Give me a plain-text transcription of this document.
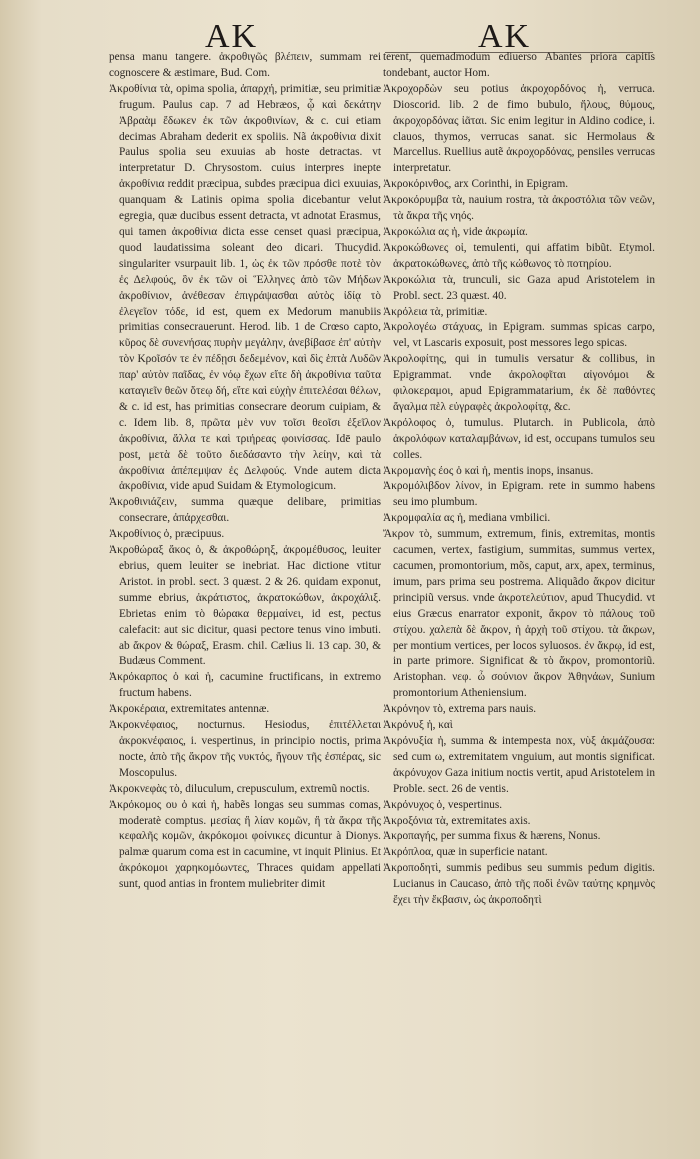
AK	AK

pensa manu tangere. ἀκροθιγῶς βλέπειν, summam rei cognoscere & æstimare, Bud. Com.

Ἀκροθίνια τὰ, opima spolia, ἀπαρχή, primitiæ, seu primitiæ frugum. Paulus cap. 7 ad Hebræos, ᾧ καὶ δεκάτην Ἀβραὰμ ἔδωκεν ἐκ τῶν ἀκροθινίων, & c. cui etiam decimas Abraham dederit ex spoliis. Nã ἀκροθίνια dixit Paulus spolia seu exuuias ab hoste detractas. vt interpretatur D. Chrysostom. cuius interpres inepte ἀκροθίνια reddit præcipua, subdes præcipua dici exuuias, quanquam & Latinis opima spolia dicebantur velut egregia, quæ ducibus essent detracta, vt adnotat Erasmus, qui tamen ἀκροθίνια dicta esse censet quasi præcipua, quod laudatissima soleant deo dicari. Thucydid. singulariter vsurpauit lib. 1, ὡς ἐκ τῶν πρόσθε ποτὲ τὸν ἐς Δελφούς, ὃν ἐκ τῶν οἱ Ἕλληνες ἀπὸ τῶν Μήδων ἀκροθίνιον, ἀνέθεσαν ἐπιγράψασθαι αὐτὸς ἰδίᾳ τὸ ἐλεγεῖον τόδε, id est, quem ex Medorum manubiis primitias consecrauerunt. Herod. lib. 1 de Crœso capto, κῦρος δὲ συνενήσας πυρὴν μεγάλην, ἀνεβίβασε ἐπ' αὐτὴν τὸν Κροῖσόν τε ἐν πέδῃσι δεδεμένον, καὶ δὶς ἑπτὰ Λυδῶν παρ' αὐτὸν παῖδας, ἐν νόῳ ἔχων εἴτε δὴ ἀκροθίνια ταῦτα καταγιεῖν θεῶν ὅτεῳ δή, εἴτε καὶ εὐχὴν ἐπιτελέσαι θέλων, & c. id est, has primitias consecrare deorum cuipiam, & c. Idem lib. 8, πρῶτα μὲν νυν τοῖσι θεοῖσι ἐξεῖλον ἀκροθίνια, ἄλλα τε καὶ τριήρεας φοινίσσας. Idē paulo post, μετὰ δὲ τοῦτο διεδάσαντο τὴν λείην, καὶ τὰ ἀκροθίνια ἀπέπεμψαν ἐς Δελφούς. Vnde autem dicta ἀκροθίνια, vide apud Suidam & Etymologicum.

Ἀκροθινιάζειν, summa quæque delibare, primitias consecrare, ἀπάρχεσθαι.

Ἀκροθίνιος ὁ, præcipuus.

Ἀκροθώραξ ἄκος ὁ, & ἀκροθώρηξ, ἀκρομέθυσος, leuiter ebrius, quem leuiter se inebriat. Hac dictione vtitur Aristot. in probl. sect. 3 quæst. 2 & 26. quidam exponut, summe ebrius, ἀκράτιστος, ἀκρατοκώθων, ἀκροχάλιξ. Ebrietas enim τὸ θώρακα θερμαίνει, id est, pectus calefacit: aut sic dicitur, quasi pectore tenus vino imbuti. ab ἄκρον & θώραξ, Erasm. chil. Cælius li. 13 cap. 30, & Budæus Comment.

Ἀκρόκαρπος ὁ καὶ ἡ, cacumine fructificans, in extremo fructum habens.

Ἀκροκέραια, extremitates antennæ.

Ἀκροκνέφαιος, nocturnus. Hesiodus, ἐπιτέλλεται ἀκροκνέφαιος, i. vespertinus, in principio noctis, prima nocte, ἀπὸ τῆς ἄκρον τῆς νυκτός, ἤγουν τῆς ἐσπέρας, sic Moscopulus.

Ἀκροκνεφὰς τὸ, diluculum, crepusculum, extremũ noctis.

Ἀκρόκομος ου ὁ καὶ ἡ, habẽs longas seu summas comas, moderatè comptus. μεσίας ἢ λίαν κομῶν, ἢ τὰ ἄκρα τῆς κεφαλῆς κομῶν, ἀκρόκομοι φοίνικες dicuntur à Dionys. palmæ quarum coma est in cacumine, vt inquit Plinius. Et ἀκρόκομοι χαρηκομόωντες, Thraces quidam appellati sunt, quod antias in frontem muliebriter dimit

terent, quemadmodum ediuerso Abantes priora capitis tondebant, auctor Hom.

Ἀκροχορδὼν seu potius ἀκροχορδόνος ἡ, verruca. Dioscorid. lib. 2 de fimo bubulo, ἥλους, θύμους, ἀκροχορδόνας ἰᾶται. Sic enim legitur in Aldino codice, i. clauos, thymos, verrucas sanat. sic Hermolaus & Marcellus. Ruellius autẽ ἀκροχορδόνας, pensiles verrucas interpretatur.

Ἀκροκόρινθος, arx Corinthi, in Epigram.

Ἀκροκόρυμβα τὰ, nauium rostra, τὰ ἀκροστόλια τῶν νεῶν, τὰ ἄκρα τῆς νηός.

Ἀκροκώλια ας ἡ, vide ἀκρωμία.

Ἀκροκώθωνες οἱ, temulenti, qui affatim bibũt. Etymol. ἀκρατοκώθωνες, ἀπὸ τῆς κώθωνος τὸ ποτηρίου.

Ἀκροκώλια τὰ, trunculi, sic Gaza apud Aristotelem in Probl. sect. 23 quæst. 40.

Ἀκρόλεια τὰ, primitiæ.

Ἀκρολογέω στάχυας, in Epigram. summas spicas carpo, vel, vt Lascaris exposuit, post messores lego spicas.

Ἀκρολοφίτης, qui in tumulis versatur & collibus, in Epigrammat. vnde ἀκρολοφῖται αἰγονόμοι & φιλοκεραμοι, apud Epigrammatarium, ἐκ δὲ παθόντες ἄγαλμα πὲλ εὐγραφὲς ἀκρολοφίτᾳ, &c.

Ἀκρόλοφος ὁ, tumulus. Plutarch. in Publicola, ἀπὸ ἀκρολόφων καταλαμβάνων, id est, occupans tumulos seu colles.

Ἀκρομανὴς έος ὁ καὶ ἡ, mentis inops, insanus.

Ἀκρομόλιβδον λίνον, in Epigram. rete in summo habens seu imo plumbum.

Ἀκρομφαλία ας ἡ, mediana vmbilici.

Ἄκρον τὸ, summum, extremum, finis, extremitas, montis cacumen, vertex, fastigium, summitas, summus vertex, cacumen, promontorium, mõs, caput, arx, apex, terminus, imum, pars prima seu postrema. Aliquãdo ἄκρον dicitur principiũ versus. vnde ἀκροτελεύτιον, apud Thucydid. vt eius Græcus enarrator exponit, ἄκρον τὸ πάλους τοῦ στίχου. χαλεπὰ δὲ ἄκρον, ἡ ἀρχὴ τοῦ στίχου. τὰ ἄκρων, per montium vertices, per locos syluosos. ἐν ἄκρῳ, id est, in parte primore. Significat & τὸ ἄκρον, promontoriũ. Aristophan. νεφ. ὦ σούνιον ἄκρον Ἀθηνάων, Sunium promontorium Atheniensium.

Ἀκρόνηον τὸ, extrema pars nauis.

Ἀκρόνυξ ἡ, καὶ

Ἀκρόνυξία ἡ, summa & intempesta nox, νὺξ ἀκμάζουσα: sed cum ω, extremitatem vnguium, aut montis significat. ἀκρόνυχον Gaza initium noctis vertit, apud Aristotelem in Proble. sect. 26 de ventis.

Ἀκρόνυχος ὁ, vespertinus.

Ἀκροξόνια τὰ, extremitates axis.

Ἀκροπαγής, per summa fixus & hærens, Nonus.

Ἀκρόπλοα, quæ in superficie natant.

Ἀκροποδητὶ, summis pedibus seu summis pedum digitis. Lucianus in Caucaso, ἀπὸ τῆς ποδὶ ἐνῶν ταύτης κρημνὸς ἔχει τὴν ἔκβασιν, ὡς ἀκροποδητὶ
